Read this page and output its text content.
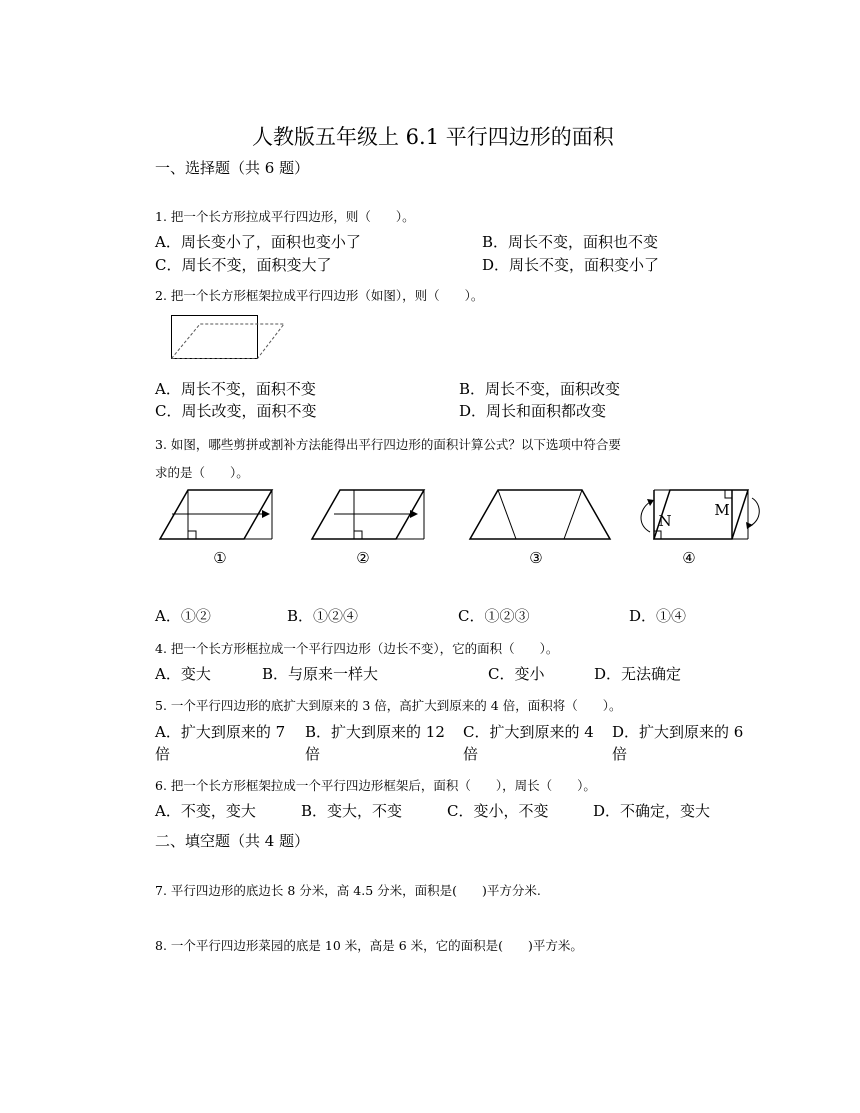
人教版五年级上 6.1 平行四边形的面积
一、选择题（共 6 题）
1. 把一个长方形拉成平行四边形，则（　　）。
A．周长变小了，面积也变小了	B．周长不变，面积也不变
C．周长不变，面积变大了	D．周长不变，面积变小了
2. 把一个长方形框架拉成平行四边形（如图），则（　　）。
A．周长不变，面积不变	B．周长不变，面积改变
C．周长改变，面积不变	D．周长和面积都改变
3. 如图，哪些剪拼或割补方法能得出平行四边形的面积计算公式？以下选项中符合要
求的是（　　）。
①	②	③
N
M
④
A．①②	B．①②④	C．①②③	D．①④
4. 把一个长方形框拉成一个平行四边形（边长不变），它的面积（　　）。
A．变大	B．与原来一样大	C．变小	D．无法确定
5. 一个平行四边形的底扩大到原来的 3 倍，高扩大到原来的 4 倍，面积将（　　）。
A．扩大到原来的 7
倍
B．扩大到原来的 12
倍
C．扩大到原来的 4
倍
D．扩大到原来的 6
倍
6. 把一个长方形框架拉成一个平行四边形框架后，面积（　　），周长（　　）。
A．不变，变大	B．变大，不变	C．变小，不变	D．不确定，变大
二、填空题（共 4 题）
7. 平行四边形的底边长 8 分米，高 4.5 分米，面积是(　　)平方分米.
8. 一个平行四边形菜园的底是 10 米，高是 6 米，它的面积是(　　)平方米。
